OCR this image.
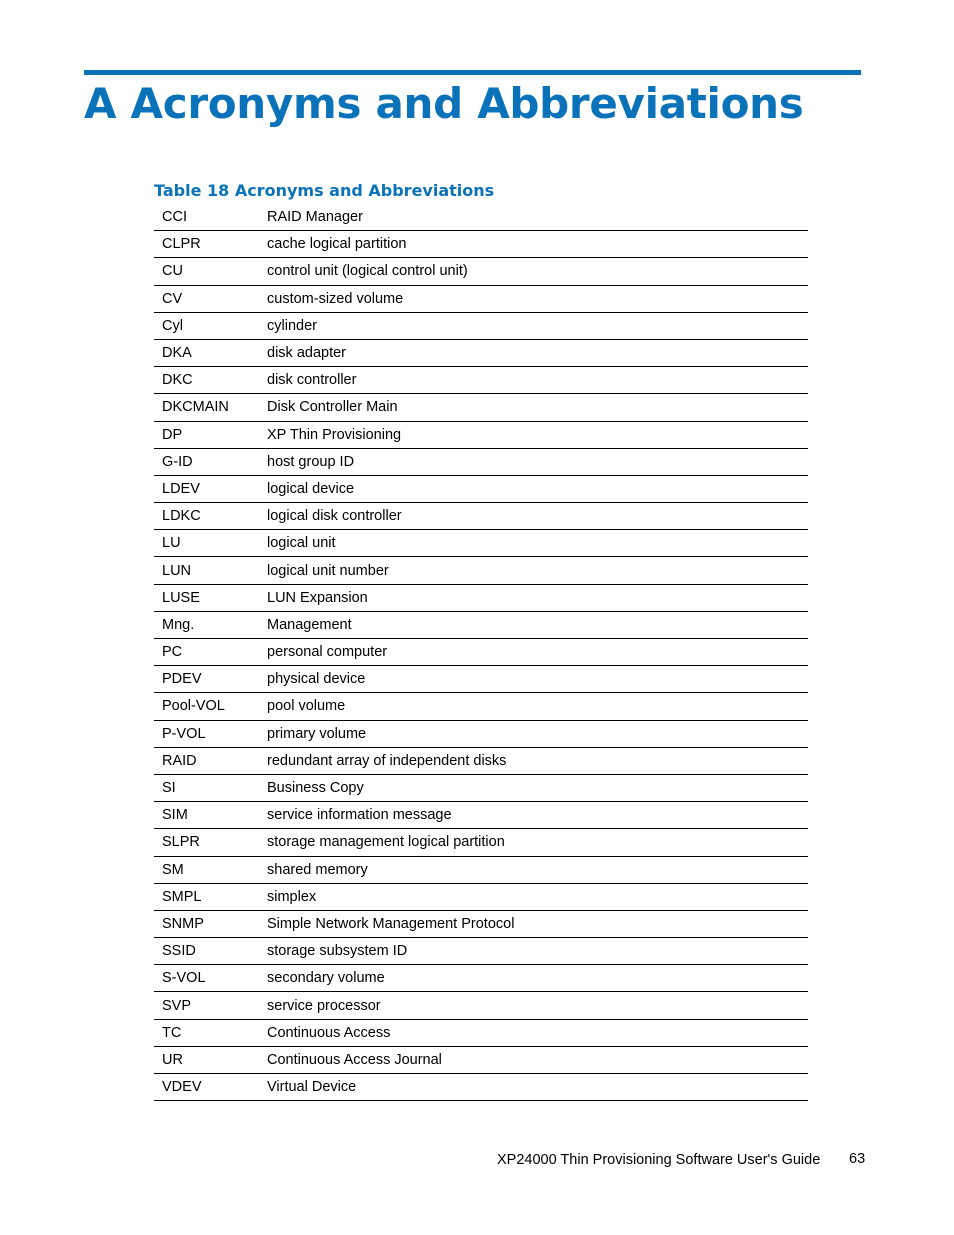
A Acronyms and Abbreviations
Table 18 Acronyms and Abbreviations
CCI	RAID Manager
CLPR	cache logical partition
CU	control unit (logical control unit)
CV	custom-sized volume
Cyl	cylinder
DKA	disk adapter
DKC	disk controller
DKCMAIN	Disk Controller Main
DP	XP Thin Provisioning
G-ID	host group ID
LDEV	logical device
LDKC	logical disk controller
LU	logical unit
LUN	logical unit number
LUSE	LUN Expansion
Mng.	Management
PC	personal computer
PDEV	physical device
Pool-VOL	pool volume
P-VOL	primary volume
RAID	redundant array of independent disks
SI	Business Copy
SIM	service information message
SLPR	storage management logical partition
SM	shared memory
SMPL	simplex
SNMP	Simple Network Management Protocol
SSID	storage subsystem ID
S-VOL	secondary volume
SVP	service processor
TC	Continuous Access
UR	Continuous Access Journal
VDEV	Virtual Device
XP24000 Thin Provisioning Software User's Guide 63
